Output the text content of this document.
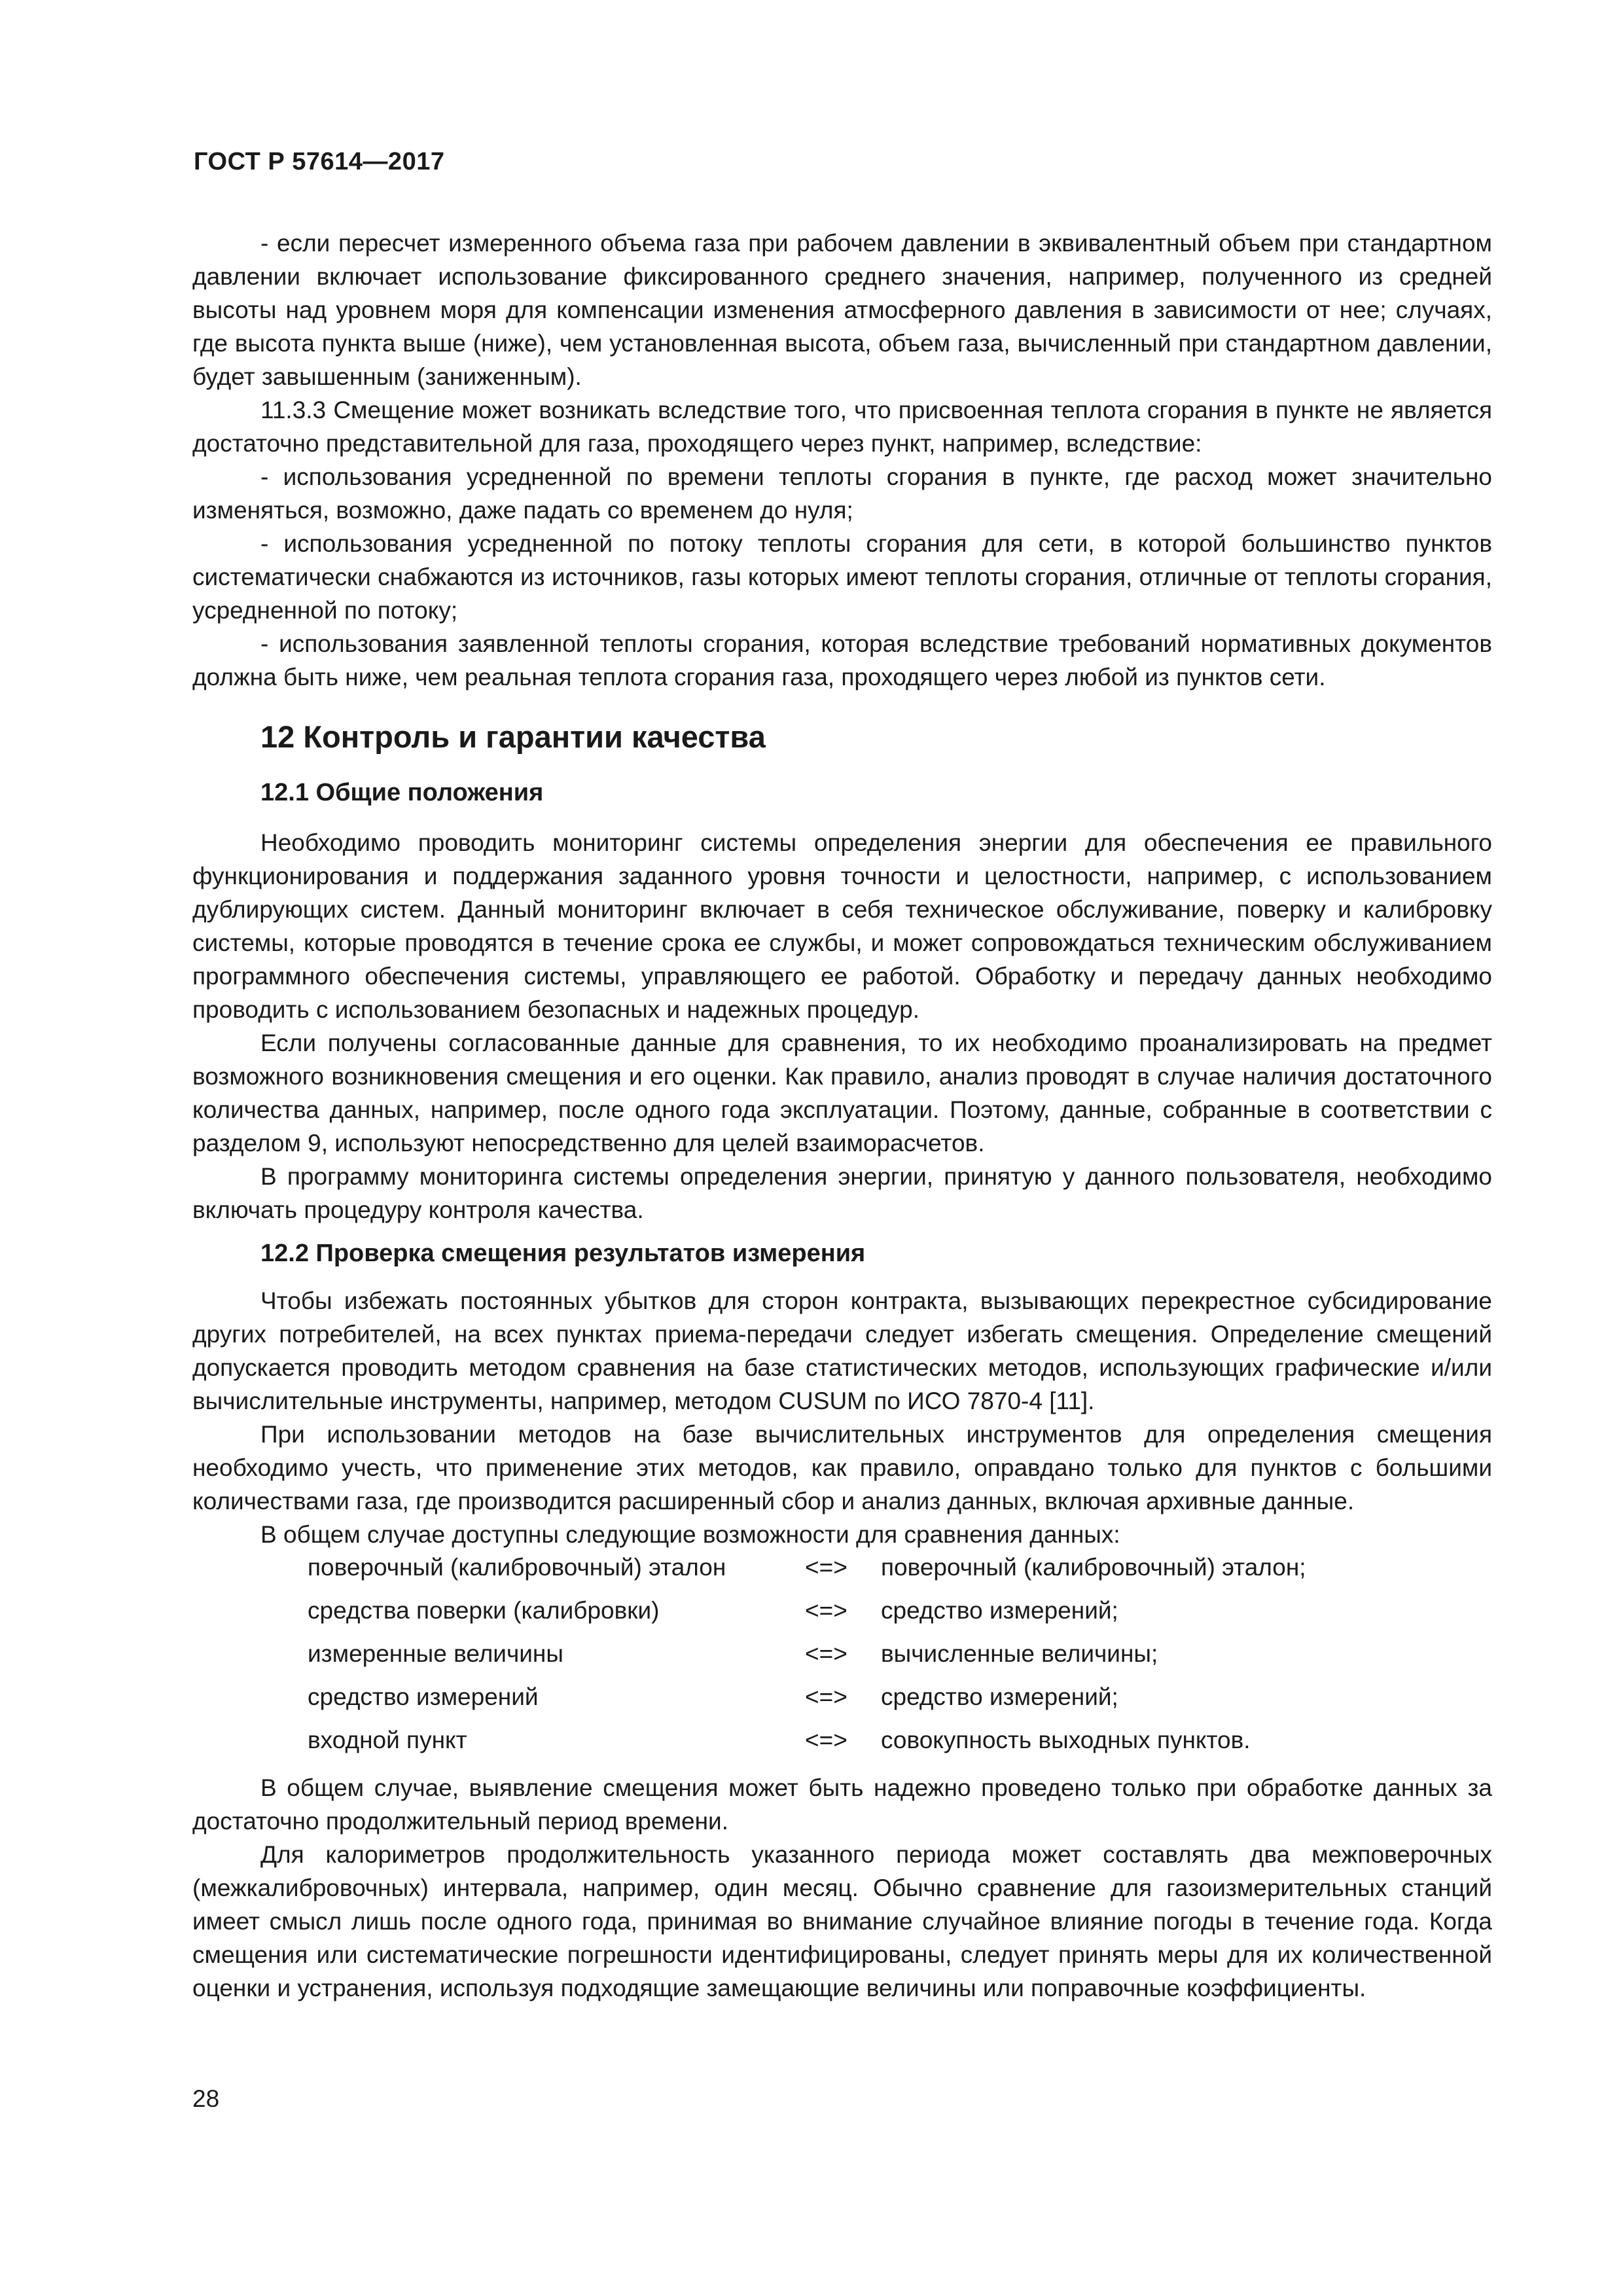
ГОСТ Р 57614—2017

- если пересчет измеренного объема газа при рабочем давлении в эквивалентный объем при стандартном давлении включает использование фиксированного среднего значения, например, полученного из средней высоты над уровнем моря для компенсации изменения атмосферного давления в зависимости от нее; случаях, где высота пункта выше (ниже), чем установленная высота, объем газа, вычисленный при стандартном давлении, будет завышенным (заниженным).

11.3.3 Смещение может возникать вследствие того, что присвоенная теплота сгорания в пункте не является достаточно представительной для газа, проходящего через пункт, например, вследствие:

- использования усредненной по времени теплоты сгорания в пункте, где расход может значительно изменяться, возможно, даже падать со временем до нуля;

- использования усредненной по потоку теплоты сгорания для сети, в которой большинство пунктов систематически снабжаются из источников, газы которых имеют теплоты сгорания, отличные от теплоты сгорания, усредненной по потоку;

- использования заявленной теплоты сгорания, которая вследствие требований нормативных документов должна быть ниже, чем реальная теплота сгорания газа, проходящего через любой из пунктов сети.

12 Контроль и гарантии качества
12.1 Общие положения

Необходимо проводить мониторинг системы определения энергии для обеспечения ее правильного функционирования и поддержания заданного уровня точности и целостности, например, с использованием дублирующих систем. Данный мониторинг включает в себя техническое обслуживание, поверку и калибровку системы, которые проводятся в течение срока ее службы, и может сопровождаться техническим обслуживанием программного обеспечения системы, управляющего ее работой. Обработку и передачу данных необходимо проводить с использованием безопасных и надежных процедур.

Если получены согласованные данные для сравнения, то их необходимо проанализировать на предмет возможного возникновения смещения и его оценки. Как правило, анализ проводят в случае наличия достаточного количества данных, например, после одного года эксплуатации. Поэтому, данные, собранные в соответствии с разделом 9, используют непосредственно для целей взаиморасчетов.

В программу мониторинга системы определения энергии, принятую у данного пользователя, необходимо включать процедуру контроля качества.

12.2 Проверка смещения результатов измерения

Чтобы избежать постоянных убытков для сторон контракта, вызывающих перекрестное субсидирование других потребителей, на всех пунктах приема-передачи следует избегать смещения. Определение смещений допускается проводить методом сравнения на базе статистических методов, использующих графические и/или вычислительные инструменты, например, методом CUSUM по ИСО 7870-4 [11].

При использовании методов на базе вычислительных инструментов для определения смещения необходимо учесть, что применение этих методов, как правило, оправдано только для пунктов с большими количествами газа, где производится расширенный сбор и анализ данных, включая архивные данные.

В общем случае доступны следующие возможности для сравнения данных:

поверочный (калибровочный) эталон	<=>	поверочный (калибровочный) эталон;
средства поверки (калибровки)	<=>	средство измерений;
измеренные величины	<=>	вычисленные величины;
средство измерений	<=>	средство измерений;
входной пункт	<=>	совокупность выходных пунктов.

В общем случае, выявление смещения может быть надежно проведено только при обработке данных за достаточно продолжительный период времени.

Для калориметров продолжительность указанного периода может составлять два межповерочных (межкалибровочных) интервала, например, один месяц. Обычно сравнение для газоизмерительных станций имеет смысл лишь после одного года, принимая во внимание случайное влияние погоды в течение года. Когда смещения или систематические погрешности идентифицированы, следует принять меры для их количественной оценки и устранения, используя подходящие замещающие величины или поправочные коэффициенты.

28
